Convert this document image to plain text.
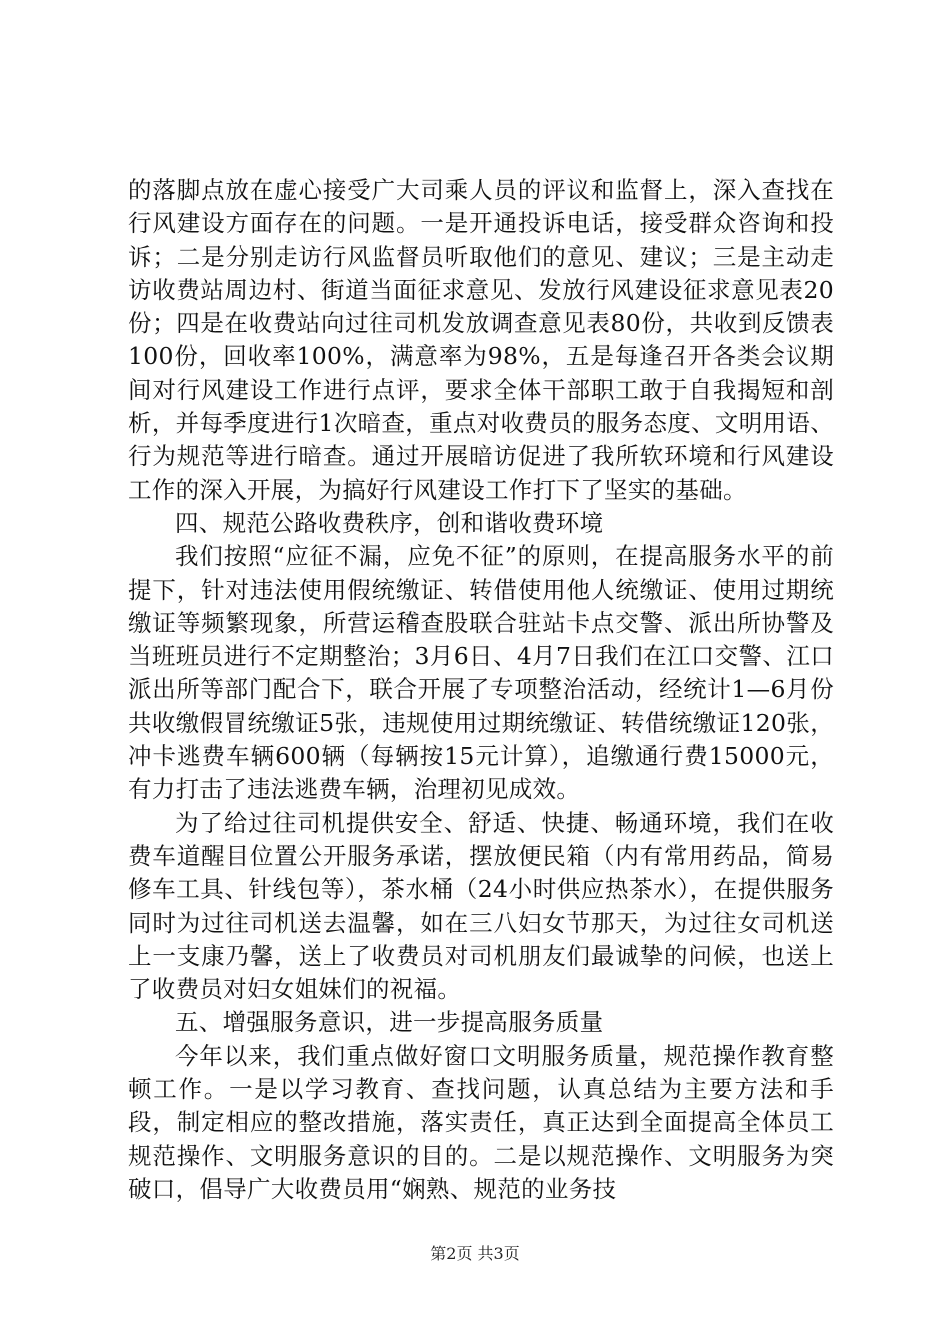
的落脚点放在虚心接受广大司乘人员的评议和监督上，深入查找在行风建设方面存在的问题。一是开通投诉电话，接受群众咨询和投诉；二是分别走访行风监督员听取他们的意见、建议；三是主动走访收费站周边村、街道当面征求意见、发放行风建设征求意见表20份；四是在收费站向过往司机发放调查意见表80份，共收到反馈表100份，回收率100%，满意率为98%，五是每逢召开各类会议期间对行风建设工作进行点评，要求全体干部职工敢于自我揭短和剖析，并每季度进行1次暗查，重点对收费员的服务态度、文明用语、行为规范等进行暗查。通过开展暗访促进了我所软环境和行风建设工作的深入开展，为搞好行风建设工作打下了坚实的基础。

四、规范公路收费秩序，创和谐收费环境

我们按照“应征不漏，应免不征”的原则，在提高服务水平的前提下，针对违法使用假统缴证、转借使用他人统缴证、使用过期统缴证等频繁现象，所营运稽查股联合驻站卡点交警、派出所协警及当班班员进行不定期整治；3月6日、4月7日我们在江口交警、江口派出所等部门配合下，联合开展了专项整治活动，经统计1—6月份共收缴假冒统缴证5张，违规使用过期统缴证、转借统缴证120张，冲卡逃费车辆600辆（每辆按15元计算），追缴通行费15000元，有力打击了违法逃费车辆，治理初见成效。

为了给过往司机提供安全、舒适、快捷、畅通环境，我们在收费车道醒目位置公开服务承诺，摆放便民箱（内有常用药品，简易修车工具、针线包等），茶水桶（24小时供应热茶水），在提供服务同时为过往司机送去温馨，如在三八妇女节那天，为过往女司机送上一支康乃馨，送上了收费员对司机朋友们最诚挚的问候，也送上了收费员对妇女姐妹们的祝福。

五、增强服务意识，进一步提高服务质量

今年以来，我们重点做好窗口文明服务质量，规范操作教育整顿工作。一是以学习教育、查找问题，认真总结为主要方法和手段，制定相应的整改措施，落实责任，真正达到全面提高全体员工规范操作、文明服务意识的目的。二是以规范操作、文明服务为突破口，倡导广大收费员用“娴熟、规范的业务技

第2页 共3页
